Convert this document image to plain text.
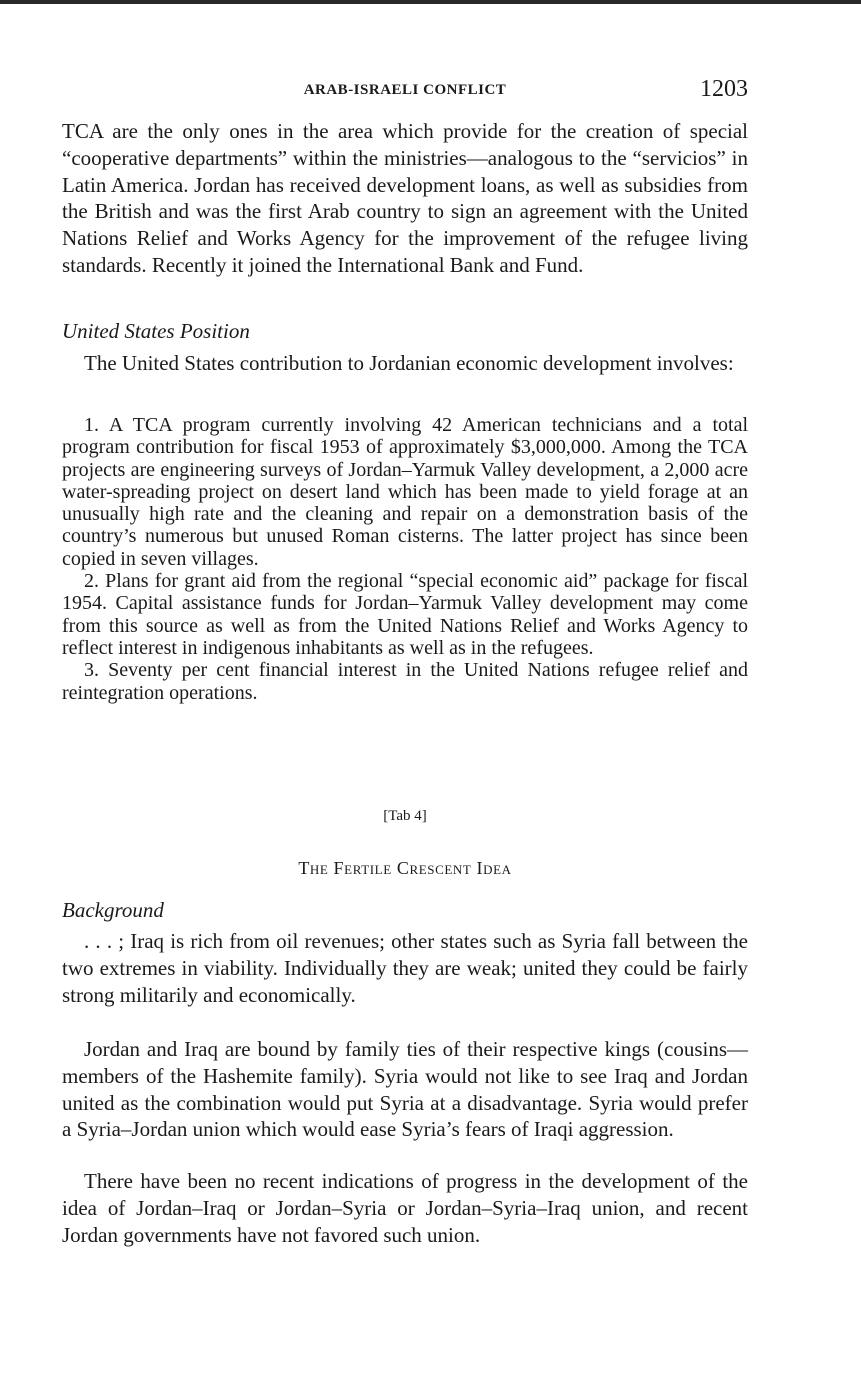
ARAB-ISRAELI CONFLICT	1203
TCA are the only ones in the area which provide for the creation of special “cooperative departments” within the ministries—analogous to the “servicios” in Latin America. Jordan has received development loans, as well as subsidies from the British and was the first Arab country to sign an agreement with the United Nations Relief and Works Agency for the improvement of the refugee living standards. Recently it joined the International Bank and Fund.
United States Position
The United States contribution to Jordanian economic development involves:

1. A TCA program currently involving 42 American technicians and a total program contribution for fiscal 1953 of approximately $3,000,000. Among the TCA projects are engineering surveys of Jordan–Yarmuk Valley development, a 2,000 acre water-spreading project on desert land which has been made to yield forage at an unusually high rate and the cleaning and repair on a demonstration basis of the country’s numerous but unused Roman cisterns. The latter project has since been copied in seven villages.

2. Plans for grant aid from the regional “special economic aid” package for fiscal 1954. Capital assistance funds for Jordan–Yarmuk Valley development may come from this source as well as from the United Nations Relief and Works Agency to reflect interest in indigenous inhabitants as well as in the refugees.

3. Seventy per cent financial interest in the United Nations refugee relief and reintegration operations.

[Tab 4]
The Fertile Crescent Idea
Background
. . . ; Iraq is rich from oil revenues; other states such as Syria fall between the two extremes in viability. Individually they are weak; united they could be fairly strong militarily and economically.
Jordan and Iraq are bound by family ties of their respective kings (cousins—members of the Hashemite family). Syria would not like to see Iraq and Jordan united as the combination would put Syria at a disadvantage. Syria would prefer a Syria–Jordan union which would ease Syria’s fears of Iraqi aggression.
There have been no recent indications of progress in the development of the idea of Jordan–Iraq or Jordan–Syria or Jordan–Syria–Iraq union, and recent Jordan governments have not favored such union.
